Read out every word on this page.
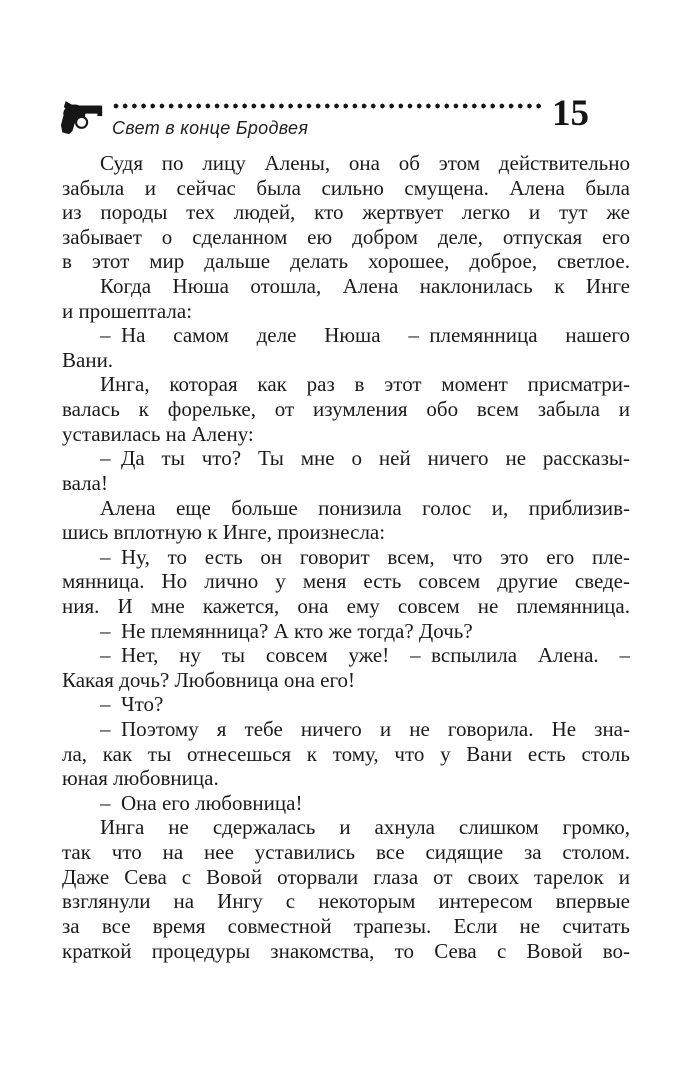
Свет в конце Бродвея	15
Судя по лицу Алены, она об этом действительно
забыла и сейчас была сильно смущена. Алена была
из породы тех людей, кто жертвует легко и тут же
забывает о сделанном ею добром деле, отпуская его
в этот мир дальше делать хорошее, доброе, светлое.
Когда Нюша отошла, Алена наклонилась к Инге
и прошептала:
– На самом деле Нюша – племянница нашего
Вани.
Инга, которая как раз в этот момент присматри-
валась к форельке, от изумления обо всем забыла и
уставилась на Алену:
– Да ты что? Ты мне о ней ничего не рассказы-
вала!
Алена еще больше понизила голос и, приблизив-
шись вплотную к Инге, произнесла:
– Ну, то есть он говорит всем, что это его пле-
мянница. Но лично у меня есть совсем другие сведе-
ния. И мне кажется, она ему совсем не племянница.
– Не племянница? А кто же тогда? Дочь?
– Нет, ну ты совсем уже! – вспылила Алена. –
Какая дочь? Любовница она его!
– Что?
– Поэтому я тебе ничего и не говорила. Не зна-
ла, как ты отнесешься к тому, что у Вани есть столь
юная любовница.
– Она его любовница!
Инга не сдержалась и ахнула слишком громко,
так что на нее уставились все сидящие за столом.
Даже Сева с Вовой оторвали глаза от своих тарелок и
взглянули на Ингу с некоторым интересом впервые
за все время совместной трапезы. Если не считать
краткой процедуры знакомства, то Сева с Вовой во-
